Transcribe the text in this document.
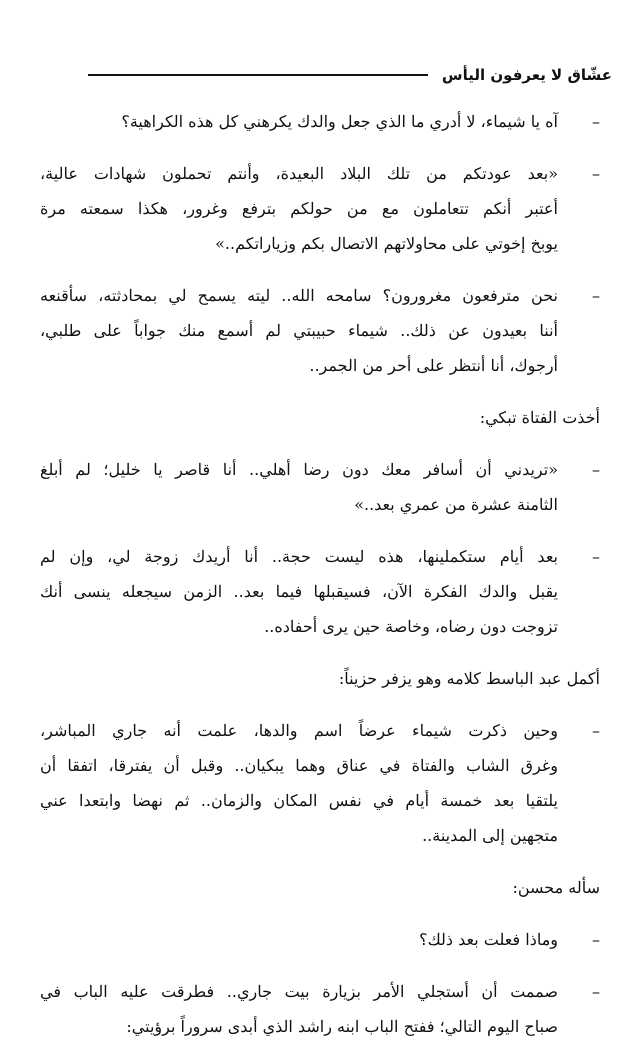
عشّاق لا يعرفون اليأس
–
آه يا شيماء، لا أدري ما الذي جعل والدك يكرهني كل هذه الكراهية؟
–
«بعد عودتكم من تلك البلاد البعيدة، وأنتم تحملون شهادات عالية،
أعتبر أنكم تتعاملون مع من حولكم بترفع وغرور، هكذا سمعته مرة
يوبخ إخوتي على محاولاتهم الاتصال بكم وزياراتكم..»
–
نحن مترفعون مغرورون؟ سامحه الله.. ليته يسمح لي بمحادثته، سأقنعه
أننا بعيدون عن ذلك.. شيماء حبيبتي لم أسمع منك جواباً على طلبي،
أرجوك، أنا أنتظر على أحر من الجمر..
أخذت الفتاة تبكي:
–
«تريدني أن أسافر معك دون رضا أهلي.. أنا قاصر يا خليل؛ لم أبلغ
الثامنة عشرة من عمري بعد..»
–
بعد أيام ستكملينها، هذه ليست حجة.. أنا أريدك زوجة لي، وإن لم
يقبل والدك الفكرة الآن، فسيقبلها فيما بعد.. الزمن سيجعله ينسى أنك
تزوجت دون رضاه، وخاصة حين يرى أحفاده..
أكمل عبد الباسط كلامه وهو يزفر حزيناً:
–
وحين ذكرت شيماء عرضاً اسم والدها، علمت أنه جاري المباشر،
وغرق الشاب والفتاة في عناق وهما يبكيان.. وقبل أن يفترقا، اتفقا أن
يلتقيا بعد خمسة أيام في نفس المكان والزمان.. ثم نهضا وابتعدا عني
متجهين إلى المدينة..
سأله محسن:
–
وماذا فعلت بعد ذلك؟
–
صممت أن أستجلي الأمر بزيارة بيت جاري.. فطرقت عليه الباب في
صباح اليوم التالي؛ ففتح الباب ابنه راشد الذي أبدى سروراً برؤيتي:
